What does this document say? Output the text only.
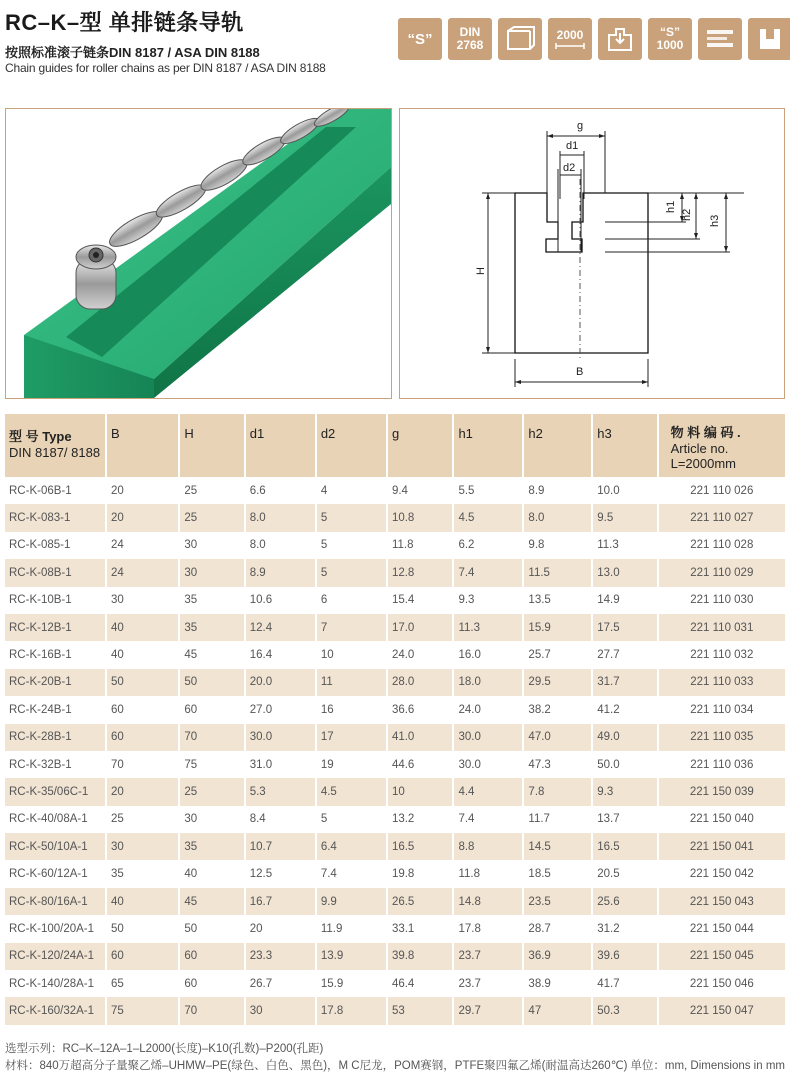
RC–K–型 单排链条导轨
按照标准滚子链条DIN 8187 / ASA DIN 8188
Chain guides for roller chains as per DIN 8187 / ASA DIN 8188
“S” DIN
2768
2000	“S”
1000
g
d1
d2
H
B
h1
h2 h3
型 号 Type
DIN 8187/ 8188	B	H	d1	d2	g	h1	h2	h3	物 料 编 码 .
Article no.
L=2000mm

RC-K-06B-1	20	25	6.6	4	9.4	5.5	8.9	10.0	221 110 026
RC-K-083-1	20	25	8.0	5	10.8	4.5	8.0	9.5	221 110 027
RC-K-085-1	24	30	8.0	5	11.8	6.2	9.8	11.3	221 110 028
RC-K-08B-1	24	30	8.9	5	12.8	7.4	11.5	13.0	221 110 029
RC-K-10B-1	30	35	10.6	6	15.4	9.3	13.5	14.9	221 110 030
RC-K-12B-1	40	35	12.4	7	17.0	11.3	15.9	17.5	221 110 031
RC-K-16B-1	40	45	16.4	10	24.0	16.0	25.7	27.7	221 110 032
RC-K-20B-1	50	50	20.0	11	28.0	18.0	29.5	31.7	221 110 033
RC-K-24B-1	60	60	27.0	16	36.6	24.0	38.2	41.2	221 110 034
RC-K-28B-1	60	70	30.0	17	41.0	30.0	47.0	49.0	221 110 035
RC-K-32B-1	70	75	31.0	19	44.6	30.0	47.3	50.0	221 110 036
RC-K-35/06C-1	20	25	5.3	4.5	10	4.4	7.8	9.3	221 150 039
RC-K-40/08A-1	25	30	8.4	5	13.2	7.4	11.7	13.7	221 150 040
RC-K-50/10A-1	30	35	10.7	6.4	16.5	8.8	14.5	16.5	221 150 041
RC-K-60/12A-1	35	40	12.5	7.4	19.8	11.8	18.5	20.5	221 150 042
RC-K-80/16A-1	40	45	16.7	9.9	26.5	14.8	23.5	25.6	221 150 043
RC-K-100/20A-1	50	50	20	11.9	33.1	17.8	28.7	31.2	221 150 044
RC-K-120/24A-1	60	60	23.3	13.9	39.8	23.7	36.9	39.6	221 150 045
RC-K-140/28A-1	65	60	26.7	15.9	46.4	23.7	38.9	41.7	221 150 046
RC-K-160/32A-1	75	70	30	17.8	53	29.7	47	50.3	221 150 047
选型示列：RC–K–12A–1–L2000(长度)–K10(孔数)–P200(孔距)
材料：840万超高分子量聚乙烯–UHMW–PE(绿色、白色、黑色)，M C尼龙，POM赛钢，PTFE聚四氟乙烯(耐温高达260℃) 单位：mm, Dimensions in mm
